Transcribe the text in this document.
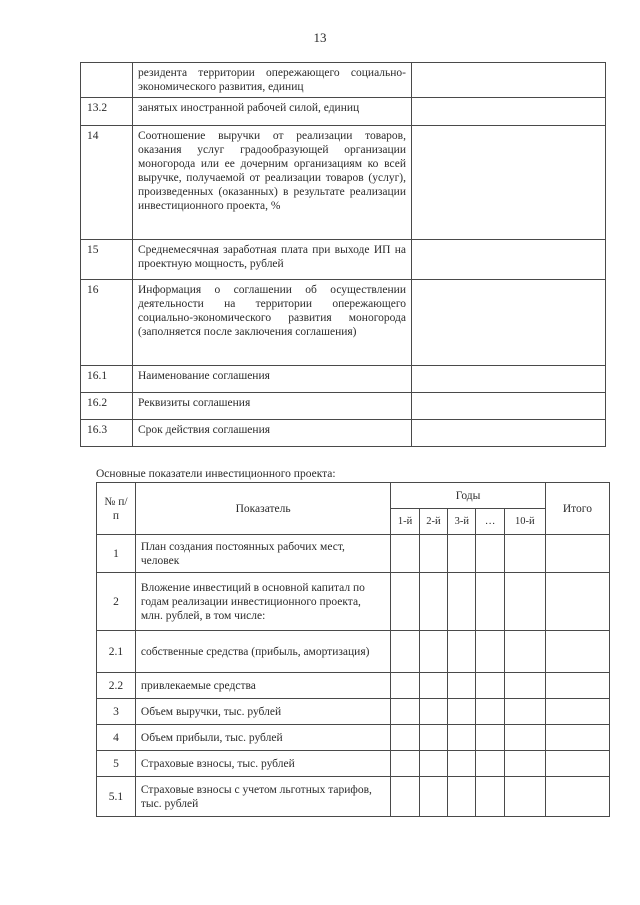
13
	резидента территории опережающего социально-экономического развития, единиц	
13.2	занятых иностранной рабочей силой, единиц	
14	Соотношение выручки от реализации товаров, оказания услуг градообразующей организации моногорода или ее дочерним организациям ко всей выручке, получаемой от реализации товаров (услуг), произведенных (оказанных) в результате реализации инвестиционного проекта, %	
15	Среднемесячная заработная плата при выходе ИП на проектную мощность, рублей	
16	Информация о соглашении об осуществлении деятельности на территории опережающего социально-экономического развития моногорода (заполняется после заключения соглашения)	
16.1	Наименование соглашения	
16.2	Реквизиты соглашения	
16.3	Срок действия соглашения	
Основные показатели инвестиционного проекта:
№ п/п	Показатель	Годы					Итого
		1-й	2-й	3-й	…	10-й	
1	План создания постоянных рабочих мест, человек						
2	Вложение инвестиций в основной капитал по годам реализации инвестиционного проекта, млн. рублей, в том числе:						
2.1	собственные средства (прибыль, амортизация)						
2.2	привлекаемые средства						
3	Объем выручки, тыс. рублей						
4	Объем прибыли, тыс. рублей						
5	Страховые взносы, тыс. рублей						
5.1	Страховые взносы с учетом льготных тарифов, тыс. рублей						
